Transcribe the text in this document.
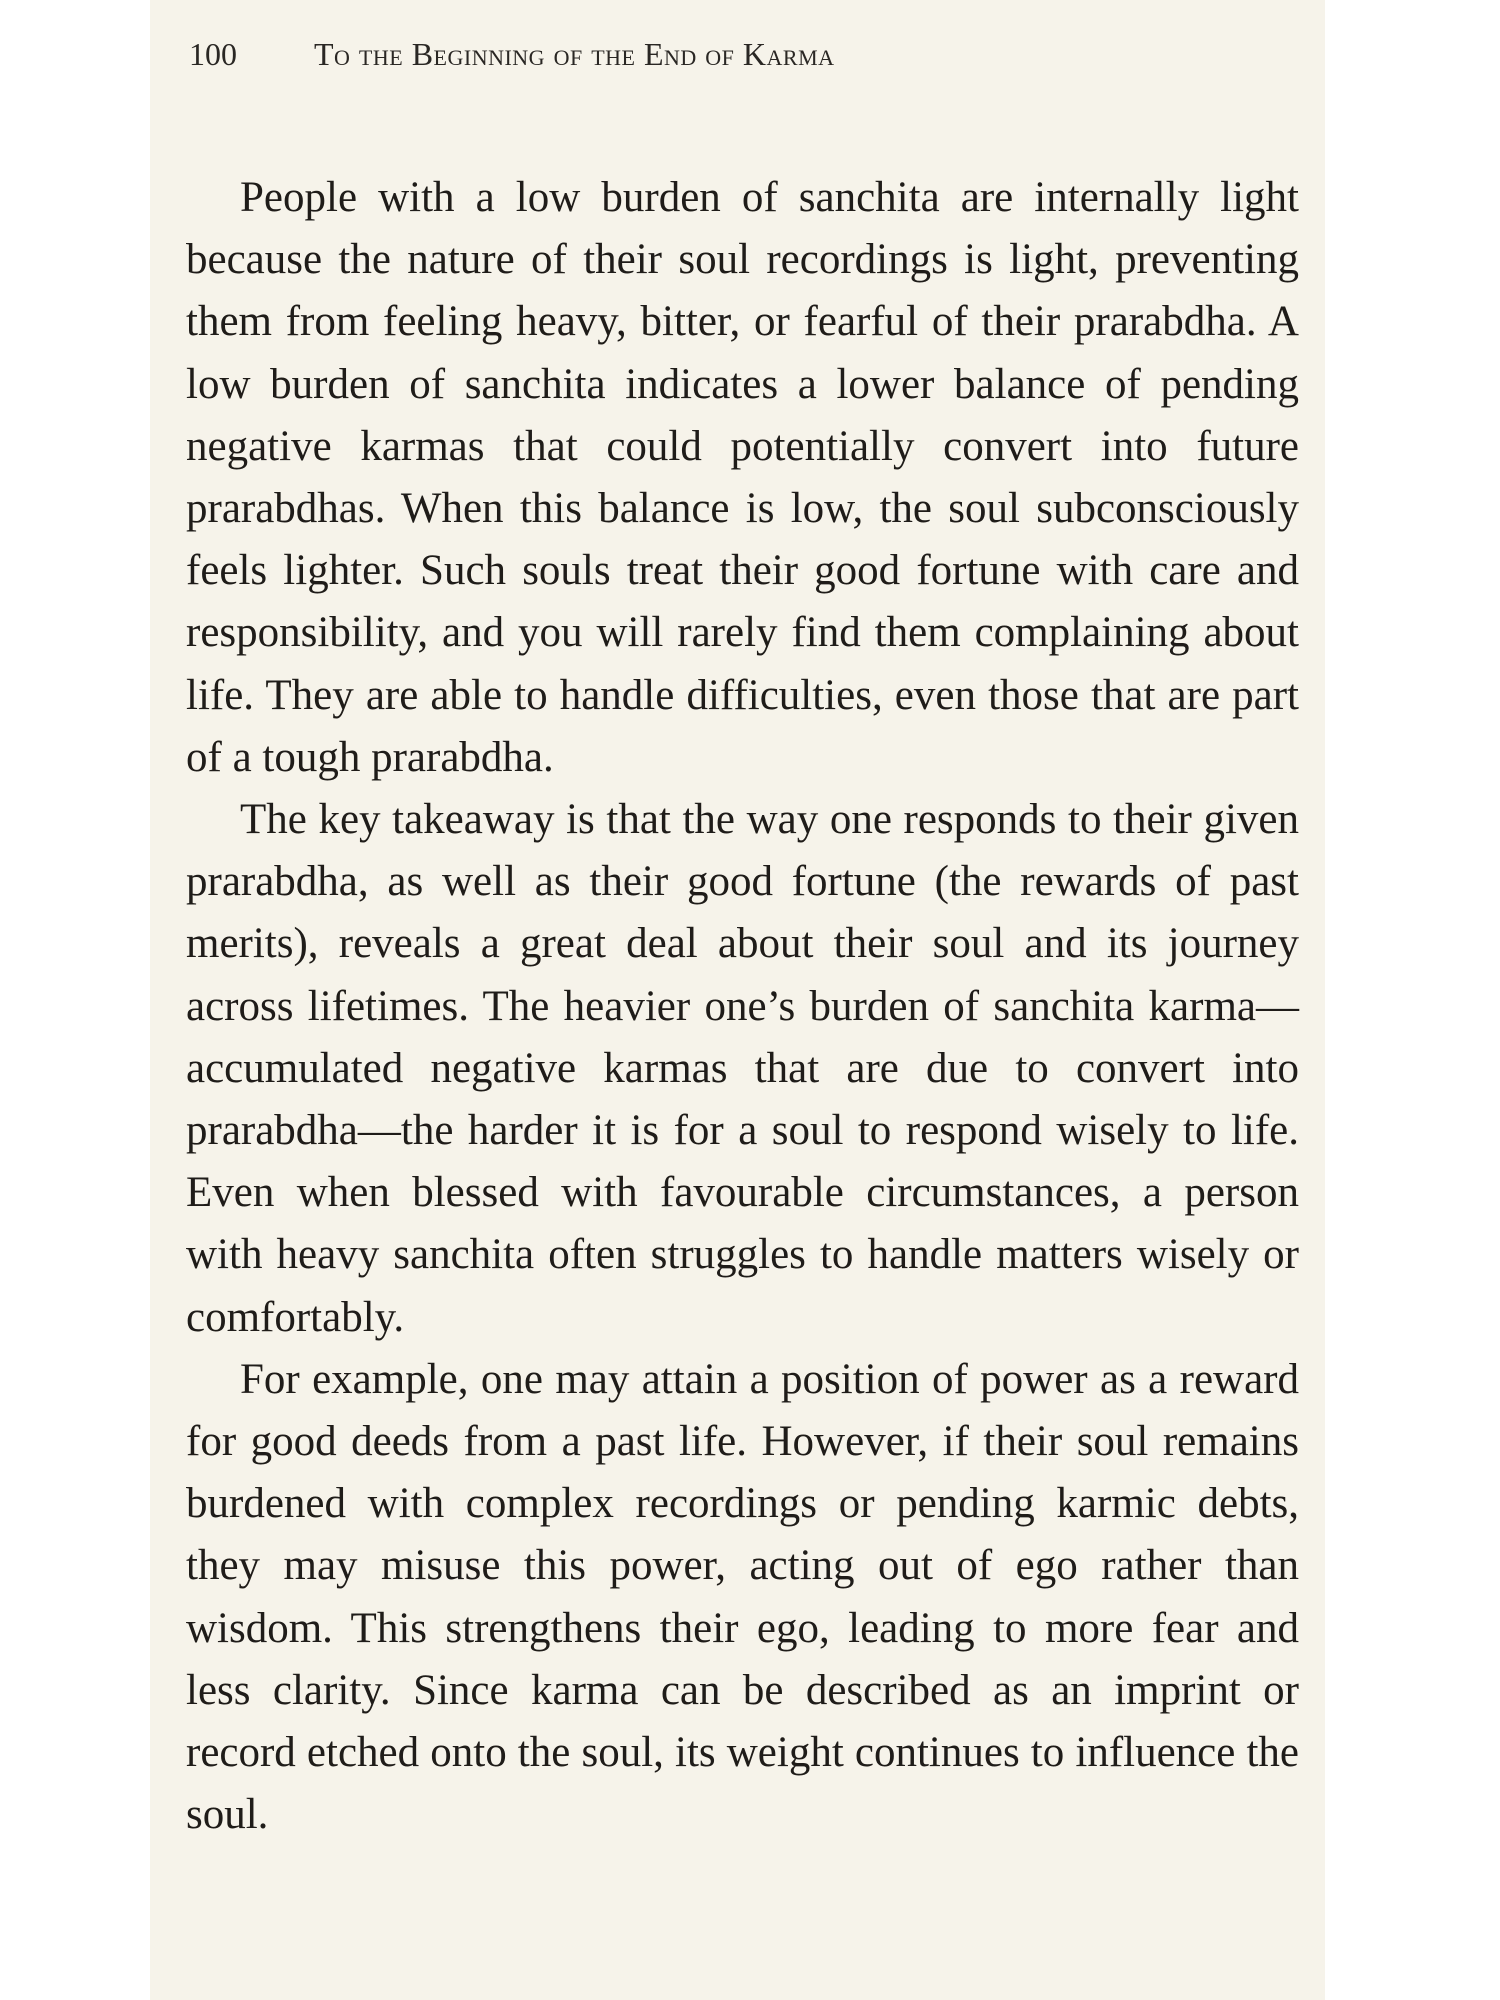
100 To the Beginning of the End of Karma

People with a low burden of sanchita are internally light because the nature of their soul recordings is light, preventing them from feeling heavy, bitter, or fearful of their prarabdha. A low burden of sanchita indicates a lower balance of pending negative karmas that could potentially convert into future prarabdhas. When this balance is low, the soul subconsciously feels lighter. Such souls treat their good fortune with care and responsibility, and you will rarely find them complaining about life. They are able to handle difficulties, even those that are part of a tough prarabdha.

The key takeaway is that the way one responds to their given prarabdha, as well as their good fortune (the rewards of past merits), reveals a great deal about their soul and its journey across lifetimes. The heavier one’s burden of sanchita karma—accumulated negative karmas that are due to convert into prarabdha—the harder it is for a soul to respond wisely to life. Even when blessed with favourable circumstances, a person with heavy sanchita often struggles to handle matters wisely or comfortably.

For example, one may attain a position of power as a reward for good deeds from a past life. However, if their soul remains burdened with complex recordings or pending karmic debts, they may misuse this power, acting out of ego rather than wisdom. This strengthens their ego, leading to more fear and less clarity. Since karma can be described as an imprint or record etched onto the soul, its weight continues to influence the soul.
